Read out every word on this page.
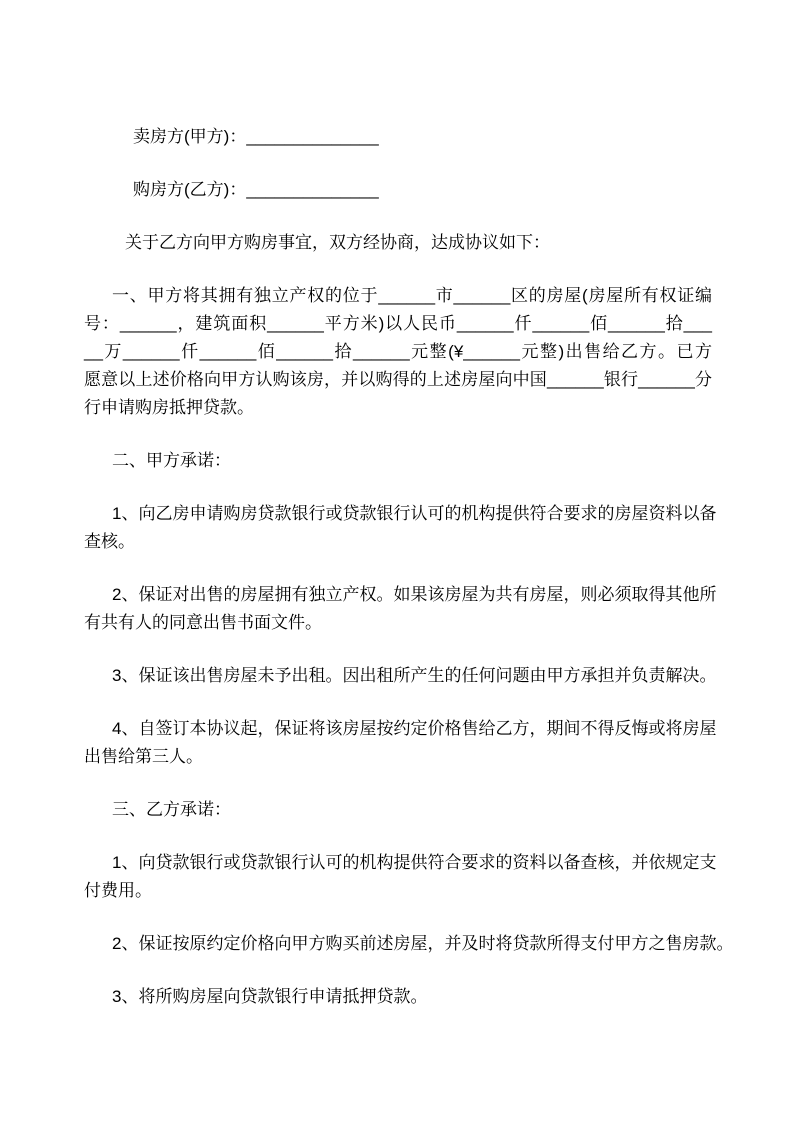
卖房方(甲方)：______________
购房方(乙方)：______________
关于乙方向甲方购房事宜，双方经协商，达成协议如下：
一、甲方将其拥有独立产权的位于______市______区的房屋(房屋所有权证编
号：______，建筑面积______平方米)以人民币______仟______佰______拾___
__万______仟______佰______拾______元整(¥______元整)出售给乙方。已方
愿意以上述价格向甲方认购该房，并以购得的上述房屋向中国______银行______分
行申请购房抵押贷款。
二、甲方承诺：
1、向乙房申请购房贷款银行或贷款银行认可的机构提供符合要求的房屋资料以备
查核。
2、保证对出售的房屋拥有独立产权。如果该房屋为共有房屋，则必须取得其他所
有共有人的同意出售书面文件。
3、保证该出售房屋未予出租。因出租所产生的任何问题由甲方承担并负责解决。
4、自签订本协议起，保证将该房屋按约定价格售给乙方，期间不得反悔或将房屋
出售给第三人。
三、乙方承诺：
1、向贷款银行或贷款银行认可的机构提供符合要求的资料以备查核，并依规定支
付费用。
2、保证按原约定价格向甲方购买前述房屋，并及时将贷款所得支付甲方之售房款。
3、将所购房屋向贷款银行申请抵押贷款。
